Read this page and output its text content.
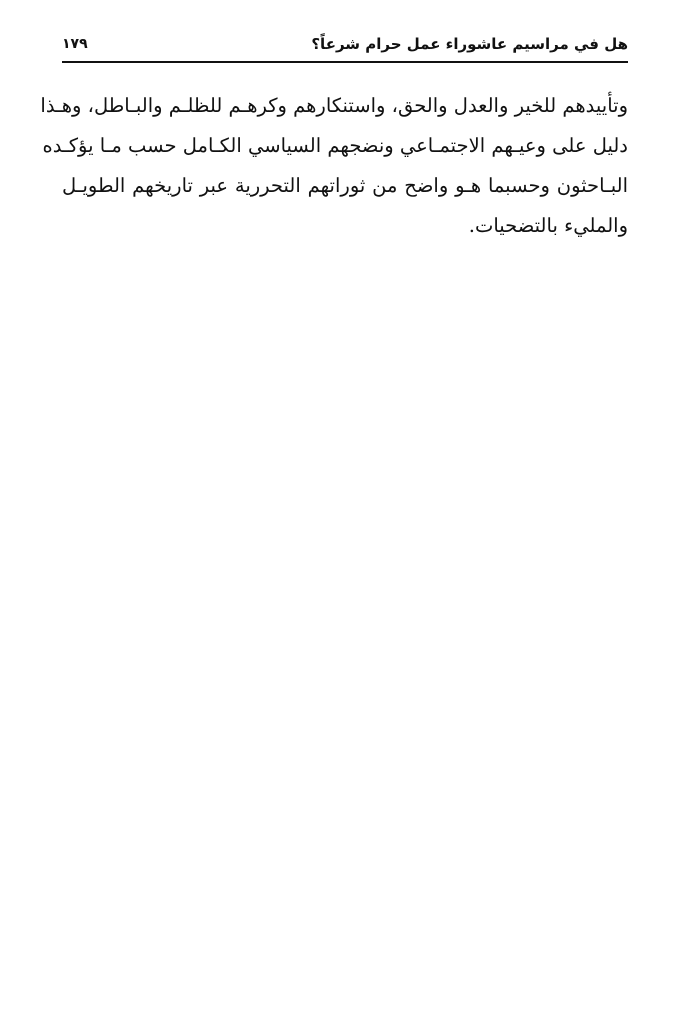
١٧٩	هل في مراسيم عاشوراء عمل حرام شرعاً؟
وتأييدهم للخير والعدل والحق، واستنكارهم وكرهـم للظلـم والبـاطل، وهـذا
دليل على وعيـهم الاجتمـاعي ونضجهم السياسي الكـامل حسب مـا يؤكـده
البـاحثون وحسبما هـو واضح من ثوراتهم التحررية عبر تاريخهم الطويـل
والمليء بالتضحيات.
